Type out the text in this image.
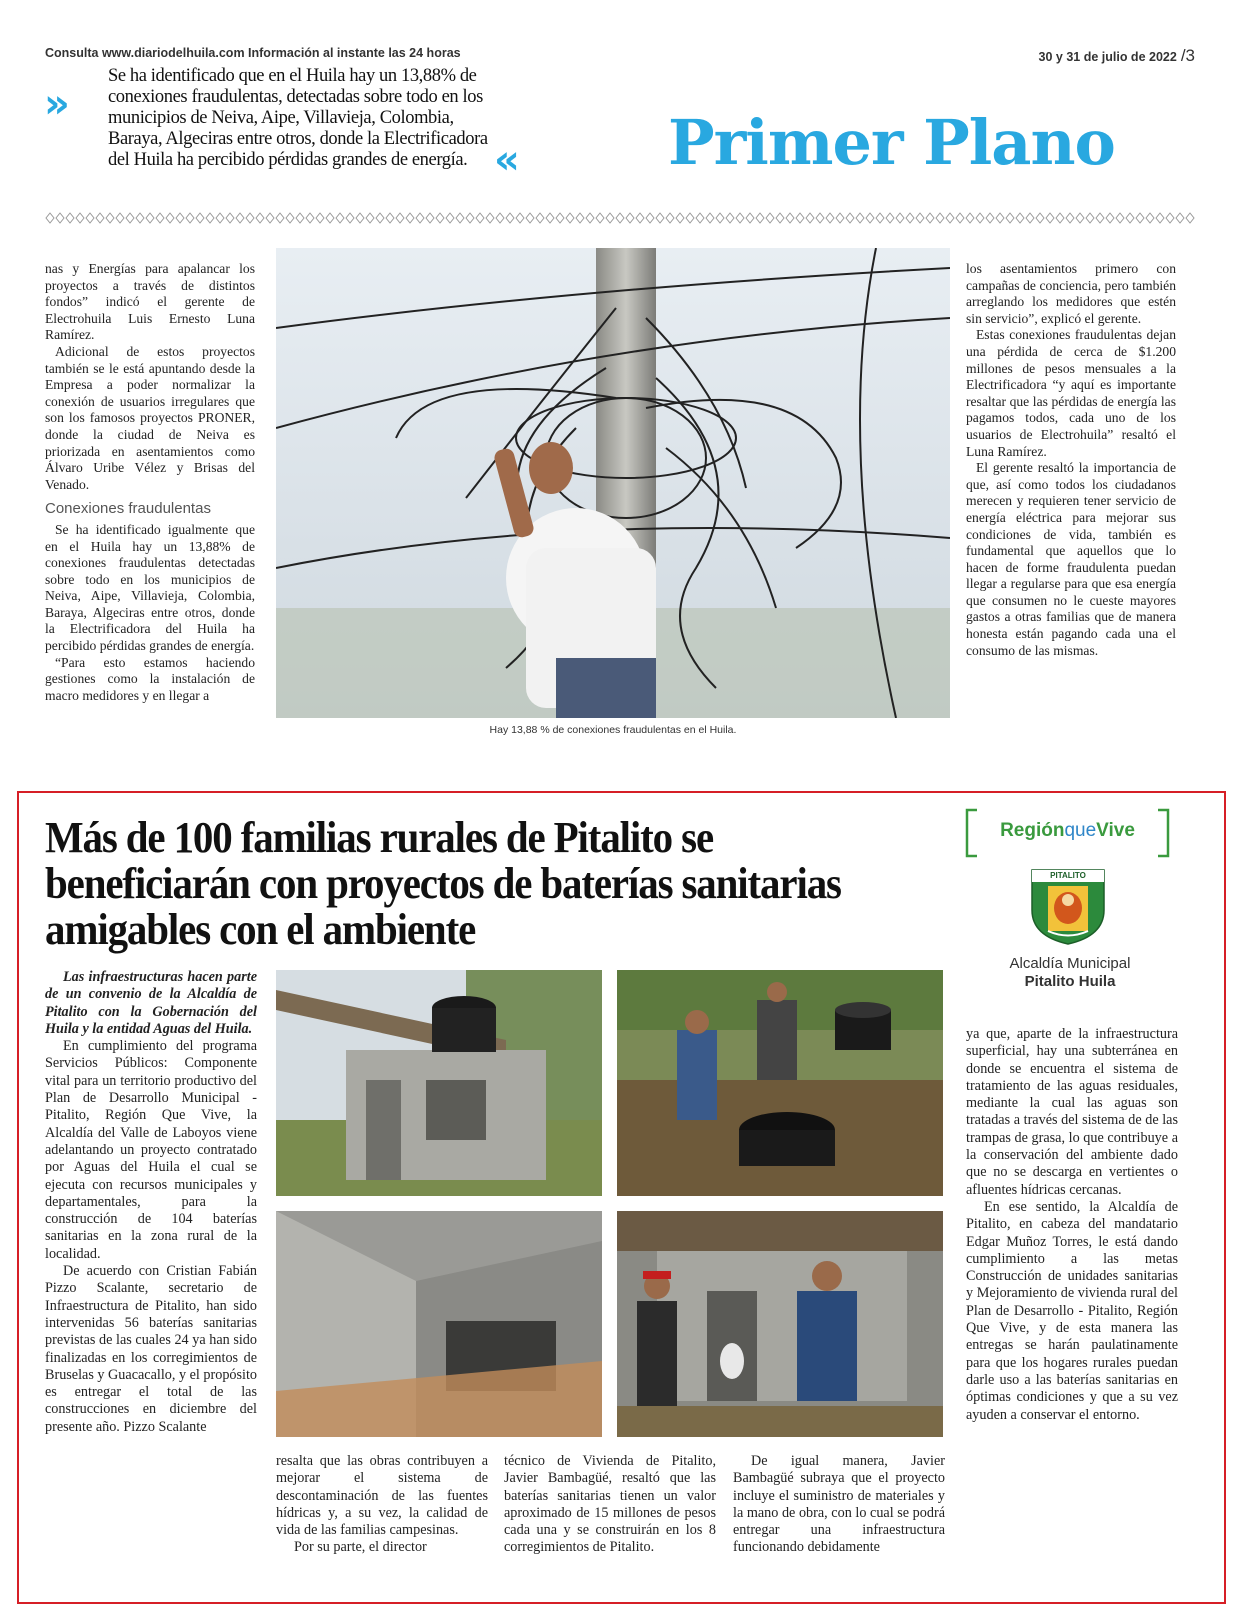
Consulta www.diariodelhuila.com Información al instante las 24 horas	30 y 31 de julio de 2022 /3
»
Se ha identificado que en el Huila hay un 13,88% de conexiones fraudulentas, detectadas sobre todo en los municipios de Neiva, Aipe, Villavieja, Colombia, Baraya, Algeciras entre otros, donde la Electrificadora del Huila ha percibido pérdidas grandes de energía. « Primer Plano

nas y Energías para apalancar los proyectos a través de distintos fondos” indicó el gerente de Electrohuila Luis Ernesto Luna Ramírez.

Adicional de estos proyectos también se le está apuntando desde la Empresa a poder normalizar la conexión de usuarios irregulares que son los famosos proyectos PRONER, donde la ciudad de Neiva es priorizada en asentamientos como Álvaro Uribe Vélez y Brisas del Venado.

Conexiones fraudulentas

Se ha identificado igualmente que en el Huila hay un 13,88% de conexiones fraudulentas detectadas sobre todo en los municipios de Neiva, Aipe, Villavieja, Colombia, Baraya, Algeciras entre otros, donde la Electrificadora del Huila ha percibido pérdidas grandes de energía.

“Para esto estamos haciendo gestiones como la instalación de macro medidores y en llegar a

Hay 13,88 % de conexiones fraudulentas en el Huila.

los asentamientos primero con campañas de conciencia, pero también arreglando los medidores que estén sin servicio”, explicó el gerente.

Estas conexiones fraudulentas dejan una pérdida de cerca de $1.200 millones de pesos mensuales a la Electrificadora “y aquí es importante resaltar que las pérdidas de energía las pagamos todos, cada uno de los usuarios de Electrohuila” resaltó el Luna Ramírez.

El gerente resaltó la importancia de que, así como todos los ciudadanos merecen y requieren tener servicio de energía eléctrica para mejorar sus condiciones de vida, también es fundamental que aquellos que lo hacen de forme fraudulenta puedan llegar a regularse para que esa energía que consumen no le cueste mayores gastos a otras familias que de manera honesta están pagando cada una el consumo de las mismas.

Más de 100 familias rurales de Pitalito se beneficiarán con proyectos de baterías sanitarias amigables con el ambiente
RegiónqueVive
PITALITO
Alcaldía Municipal
Pitalito Huila

Las infraestructuras hacen parte de un convenio de la Alcaldía de Pitalito con la Gobernación del Huila y la entidad Aguas del Huila.

En cumplimiento del programa Servicios Públicos: Componente vital para un territorio productivo del Plan de Desarrollo Municipal - Pitalito, Región Que Vive, la Alcaldía del Valle de Laboyos viene adelantando un proyecto contratado por Aguas del Huila el cual se ejecuta con recursos municipales y departamentales, para la construcción de 104 baterías sanitarias en la zona rural de la localidad.

De acuerdo con Cristian Fabián Pizzo Scalante, secretario de Infraestructura de Pitalito, han sido intervenidas 56 baterías sanitarias previstas de las cuales 24 ya han sido finalizadas en los corregimientos de Bruselas y Guacacallo, y el propósito es entregar el total de las construcciones en diciembre del presente año. Pizzo Scalante

resalta que las obras contribuyen a mejorar el sistema de descontaminación de las fuentes hídricas y, a su vez, la calidad de vida de las familias campesinas.

Por su parte, el director

técnico de Vivienda de Pitalito, Javier Bambagüé, resaltó que las baterías sanitarias tienen un valor aproximado de 15 millones de pesos cada una y se construirán en los 8 corregimientos de Pitalito.

De igual manera, Javier Bambagüé subraya que el proyecto incluye el suministro de materiales y la mano de obra, con lo cual se podrá entregar una infraestructura funcionando debidamente

ya que, aparte de la infraestructura superficial, hay una subterránea en donde se encuentra el sistema de tratamiento de las aguas residuales, mediante la cual las aguas son tratadas a través del sistema de de las trampas de grasa, lo que contribuye a la conservación del ambiente dado que no se descarga en vertientes o afluentes hídricas cercanas.

En ese sentido, la Alcaldía de Pitalito, en cabeza del mandatario Edgar Muñoz Torres, le está dando cumplimiento a las metas Construcción de unidades sanitarias y Mejoramiento de vivienda rural del Plan de Desarrollo - Pitalito, Región Que Vive, y de esta manera las entregas se harán paulatinamente para que los hogares rurales puedan darle uso a las baterías sanitarias en óptimas condiciones y que a su vez ayuden a conservar el entorno.
